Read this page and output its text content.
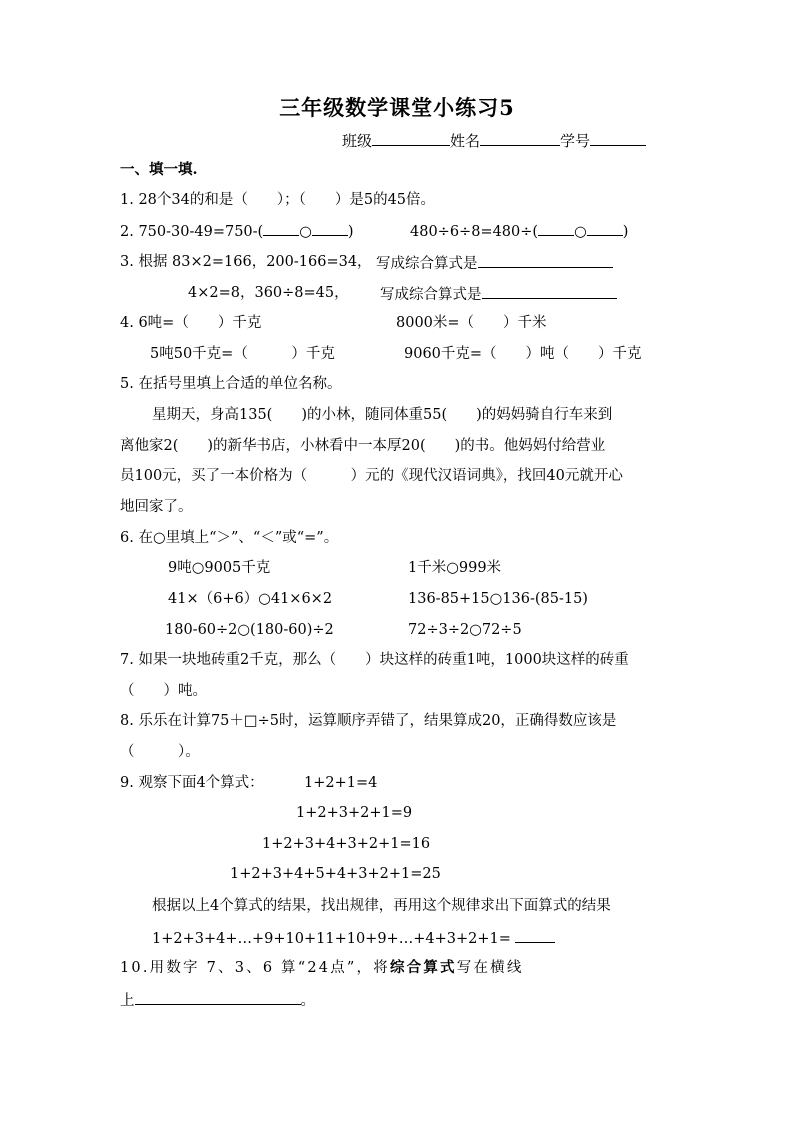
三年级数学课堂小练习5
班级	姓名	学号
一、填一填.
1. 28个34的和是（　　）；（　　）是5的45倍。
2. 750-30-49=750-( ○ )	480÷6÷8=480÷( ○ )
3. 根据 83×2=166，200-166=34， 写成综合算式是
4×2=8，360÷8=45， 写成综合算式是
4. 6吨=（　　）千克	8000米=（　　）千米
5吨50千克=（　　　）千克	9060千克=（　　）吨（　　）千克
5. 在括号里填上合适的单位名称。
星期天，身高135(　　)的小林，随同体重55(　　)的妈妈骑自行车来到
离他家2(　　)的新华书店，小林看中一本厚20(　　)的书。他妈妈付给营业
员100元，买了一本价格为（　　　）元的《现代汉语词典》，找回40元就开心
地回家了。
6. 在○里填上“＞”、“＜”或“=”。
9吨○9005千克	1千米○999米
41×（6+6）○41×6×2	136-85+15○136-(85-15)
180-60÷2○(180-60)÷2	72÷3÷2○72÷5
7. 如果一块地砖重2千克，那么（　　）块这样的砖重1吨，1000块这样的砖重
（　　）吨。
8. 乐乐在计算75＋□÷5时，运算顺序弄错了，结果算成20，正确得数应该是
（　　　）。
9. 观察下面4个算式：	1+2+1=4
1+2+3+2+1=9
1+2+3+4+3+2+1=16
1+2+3+4+5+4+3+2+1=25
根据以上4个算式的结果，找出规律，再用这个规律求出下面算式的结果
1+2+3+4+…+9+10+11+10+9+…+4+3+2+1=
10.用数字 7、3、6 算“24点”，将综合算式写在横线
上	。
